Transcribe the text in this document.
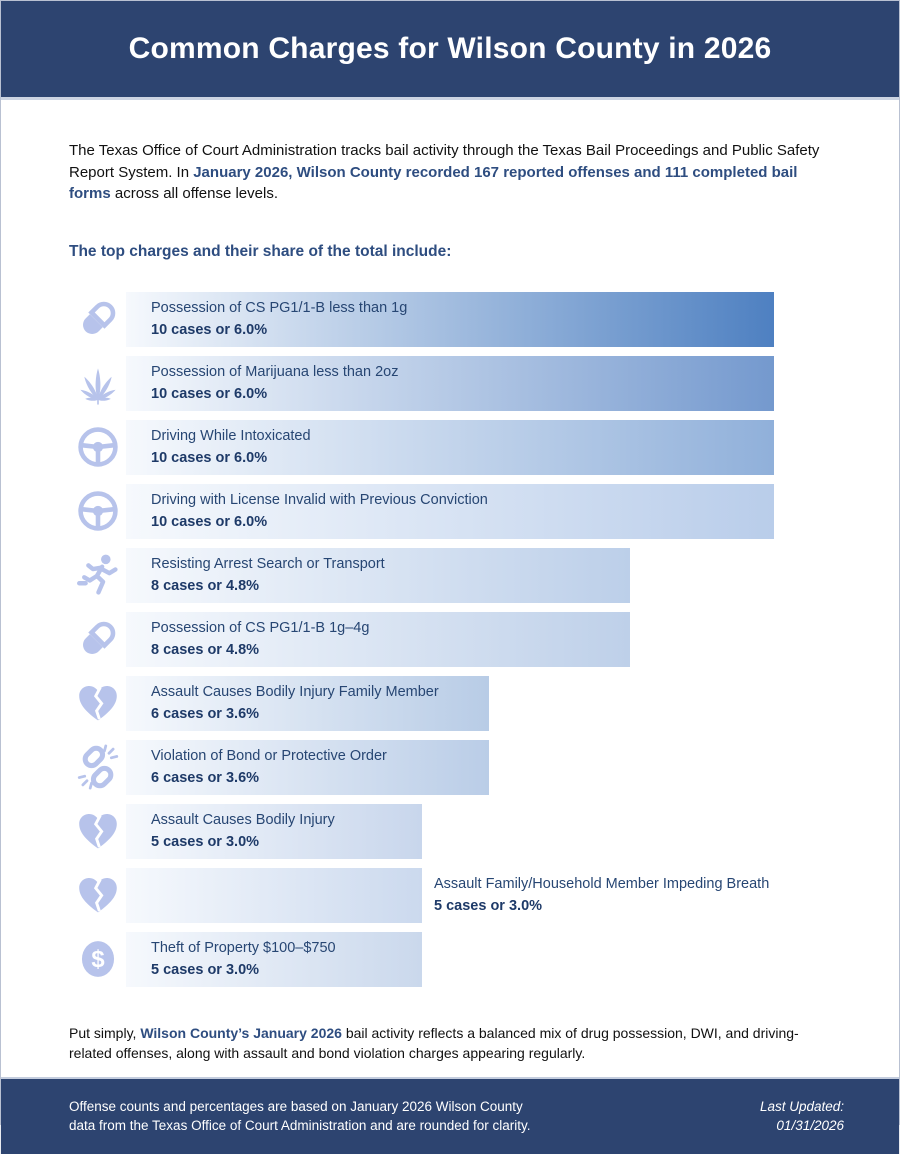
Common Charges for Wilson County in 2026

The Texas Office of Court Administration tracks bail activity through the Texas Bail Proceedings and Public Safety Report System. In January 2026, Wilson County recorded 167 reported offenses and 111 completed bail forms across all offense levels.

The top charges and their share of the total include:
Possession of CS PG1/1-B less than 1g
10 cases or 6.0%
Possession of Marijuana less than 2oz
10 cases or 6.0%
Driving While Intoxicated
10 cases or 6.0%
Driving with License Invalid with Previous Conviction
10 cases or 6.0%
Resisting Arrest Search or Transport
8 cases or 4.8%
Possession of CS PG1/1-B 1g–4g
8 cases or 4.8%
Assault Causes Bodily Injury Family Member
6 cases or 3.6%
Violation of Bond or Protective Order
6 cases or 3.6%
Assault Causes Bodily Injury
5 cases or 3.0%
Assault Family/Household Member Impeding Breath
5 cases or 3.0%
$	Theft of Property $100–$750
5 cases or 3.0%

Put simply, Wilson County’s January 2026 bail activity reflects a balanced mix of drug possession, DWI, and driving-related offenses, along with assault and bond violation charges appearing regularly.

Offense counts and percentages are based on January 2026 Wilson County
data from the Texas Office of Court Administration and are rounded for clarity.
Last Updated:
01/31/2026
